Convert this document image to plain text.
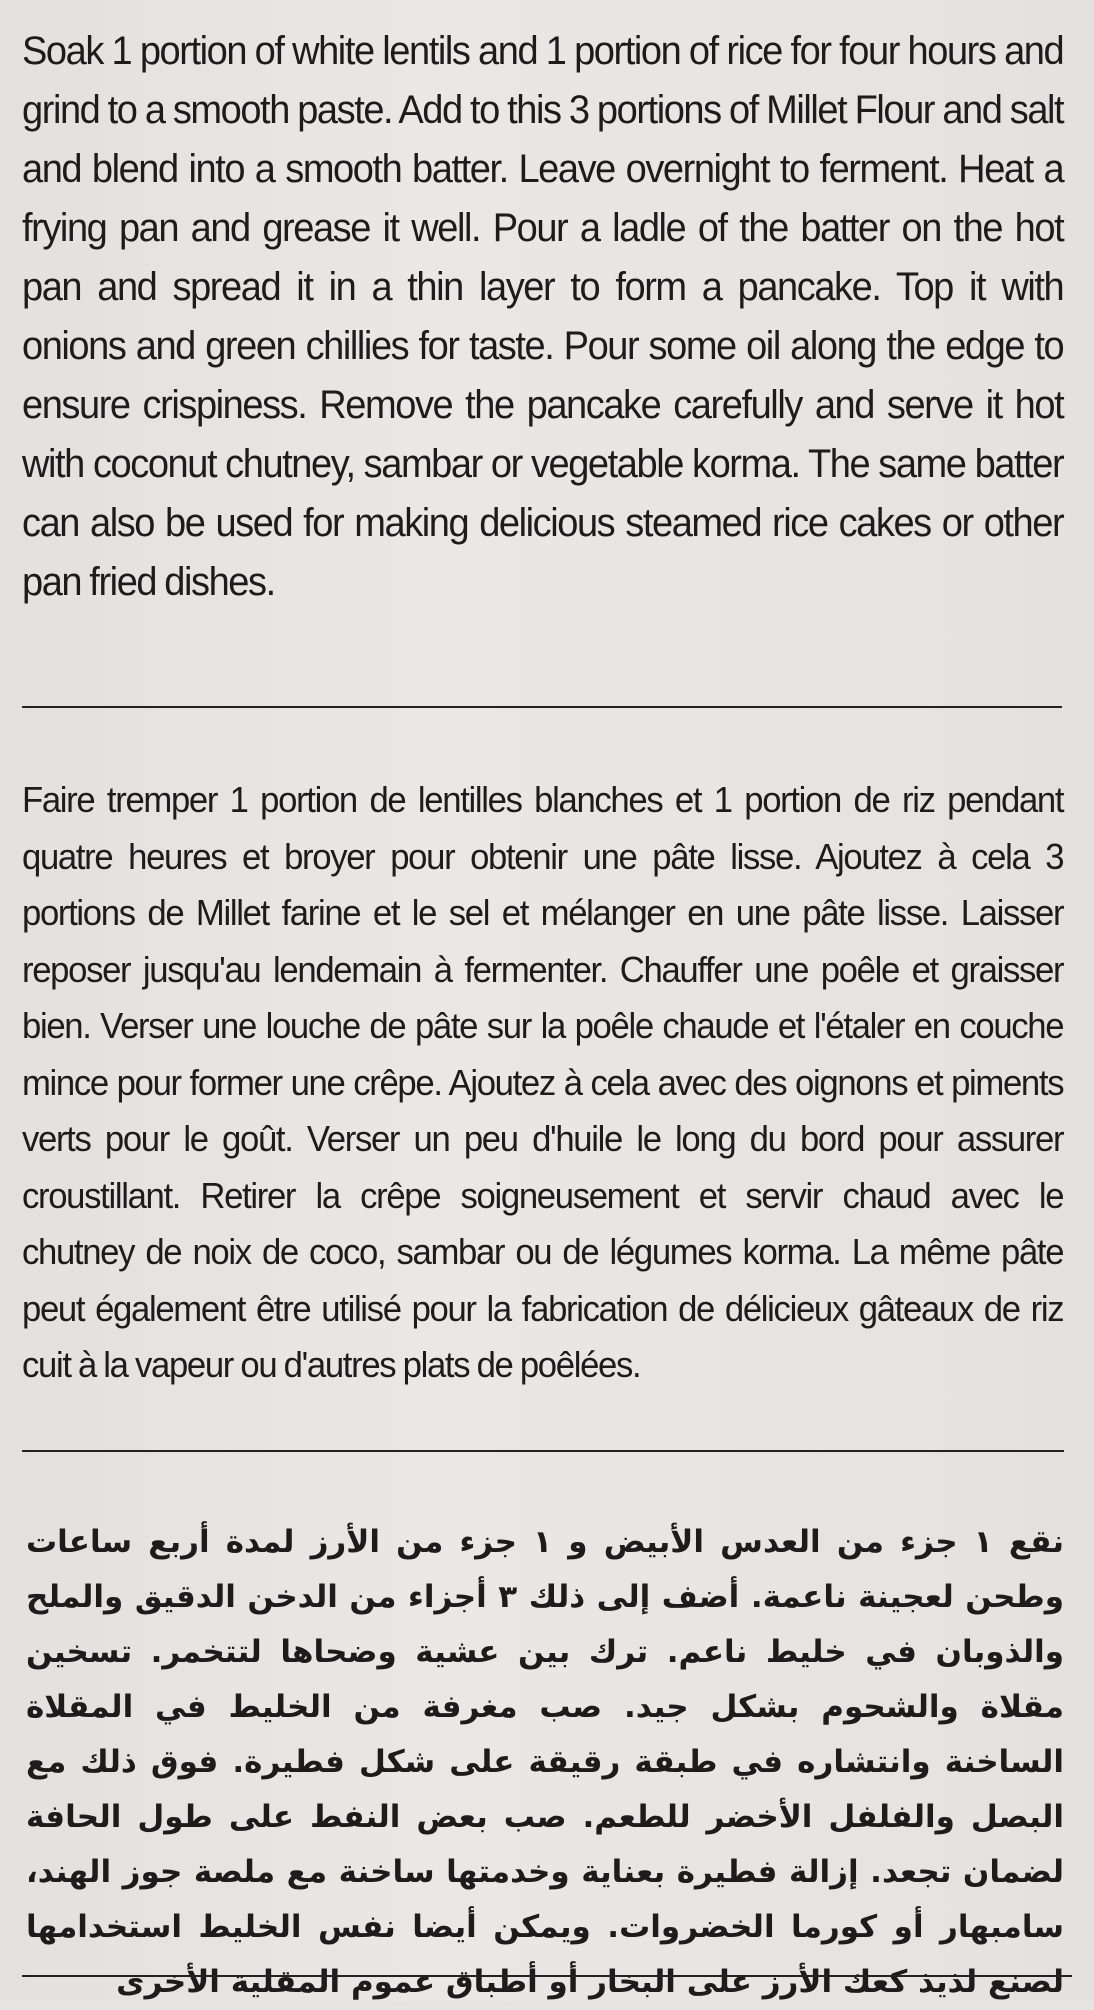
Soak 1 portion of white lentils and 1 portion of rice for four hours and grind to a smooth paste. Add to this 3 portions of Millet Flour and salt and blend into a smooth batter. Leave overnight to ferment. Heat a frying pan and grease it well. Pour a ladle of the batter on the hot pan and spread it in a thin layer to form a pancake. Top it with onions and green chillies for taste. Pour some oil along the edge to ensure crispiness. Remove the pancake carefully and serve it hot with coconut chutney, sambar or vegetable korma. The same batter can also be used for making delicious steamed rice cakes or other pan fried dishes.

Faire tremper 1 portion de lentilles blanches et 1 portion de riz pendant quatre heures et broyer pour obtenir une pâte lisse. Ajoutez à cela 3 portions de Millet farine et le sel et mélanger en une pâte lisse. Laisser reposer jusqu'au lendemain à fermenter. Chauffer une poêle et graisser bien. Verser une louche de pâte sur la poêle chaude et l'étaler en couche mince pour former une crêpe. Ajoutez à cela avec des oignons et piments verts pour le goût. Verser un peu d'huile le long du bord pour assurer croustillant. Retirer la crêpe soigneusement et servir chaud avec le chutney de noix de coco, sambar ou de légumes korma. La même pâte peut également être utilisé pour la fabrication de délicieux gâteaux de riz cuit à la vapeur ou d'autres plats de poêlées.

نقع ١ جزء من العدس الأبيض و ١ جزء من الأرز لمدة أربع ساعات وطحن لعجينة ناعمة. أضف إلى ذلك ٣ أجزاء من الدخن الدقيق والملح والذوبان في خليط ناعم. ترك بين عشية وضحاها لتتخمر. تسخين مقلاة والشحوم بشكل جيد. صب مغرفة من الخليط في المقلاة الساخنة وانتشاره في طبقة رقيقة على شكل فطيرة. فوق ذلك مع البصل والفلفل الأخضر للطعم. صب بعض النفط على طول الحافة لضمان تجعد. إزالة فطيرة بعناية وخدمتها ساخنة مع ملصة جوز الهند، سامبهار أو كورما الخضروات. ويمكن أيضا نفس الخليط استخدامها لصنع لذيذ كعك الأرز على البخار أو أطباق عموم المقلية الأخرى
